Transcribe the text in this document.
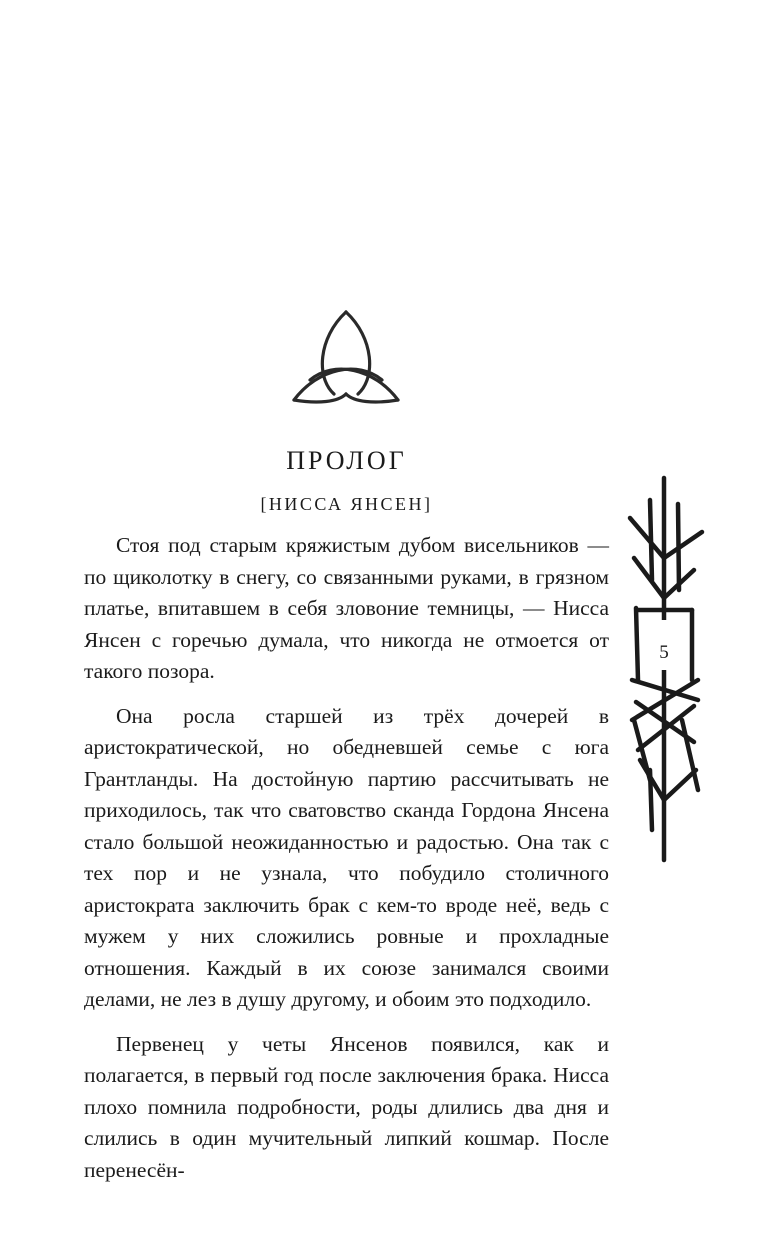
ПРОЛОГ
[НИССА ЯНСЕН]

Стоя под старым кряжистым дубом висельников — по щиколотку в снегу, со связанными руками, в грязном платье, впитавшем в себя зловоние темницы, — Нисса Янсен с горечью думала, что никогда не отмоется от такого позора.

Она росла старшей из трёх дочерей в аристократической, но обедневшей семье с юга Грантланды. На достойную партию рассчитывать не приходилось, так что сватовство сканда Гордона Янсена стало большой неожиданностью и радостью. Она так с тех пор и не узнала, что побудило столичного аристократа заключить брак с кем-то вроде неё, ведь с мужем у них сложились ровные и прохладные отношения. Каждый в их союзе занимался своими делами, не лез в душу другому, и обоим это подходило.

Первенец у четы Янсенов появился, как и полагается, в первый год после заключения брака. Нисса плохо помнила подробности, роды длились два дня и слились в один мучительный липкий кошмар. После перенесён-

5
